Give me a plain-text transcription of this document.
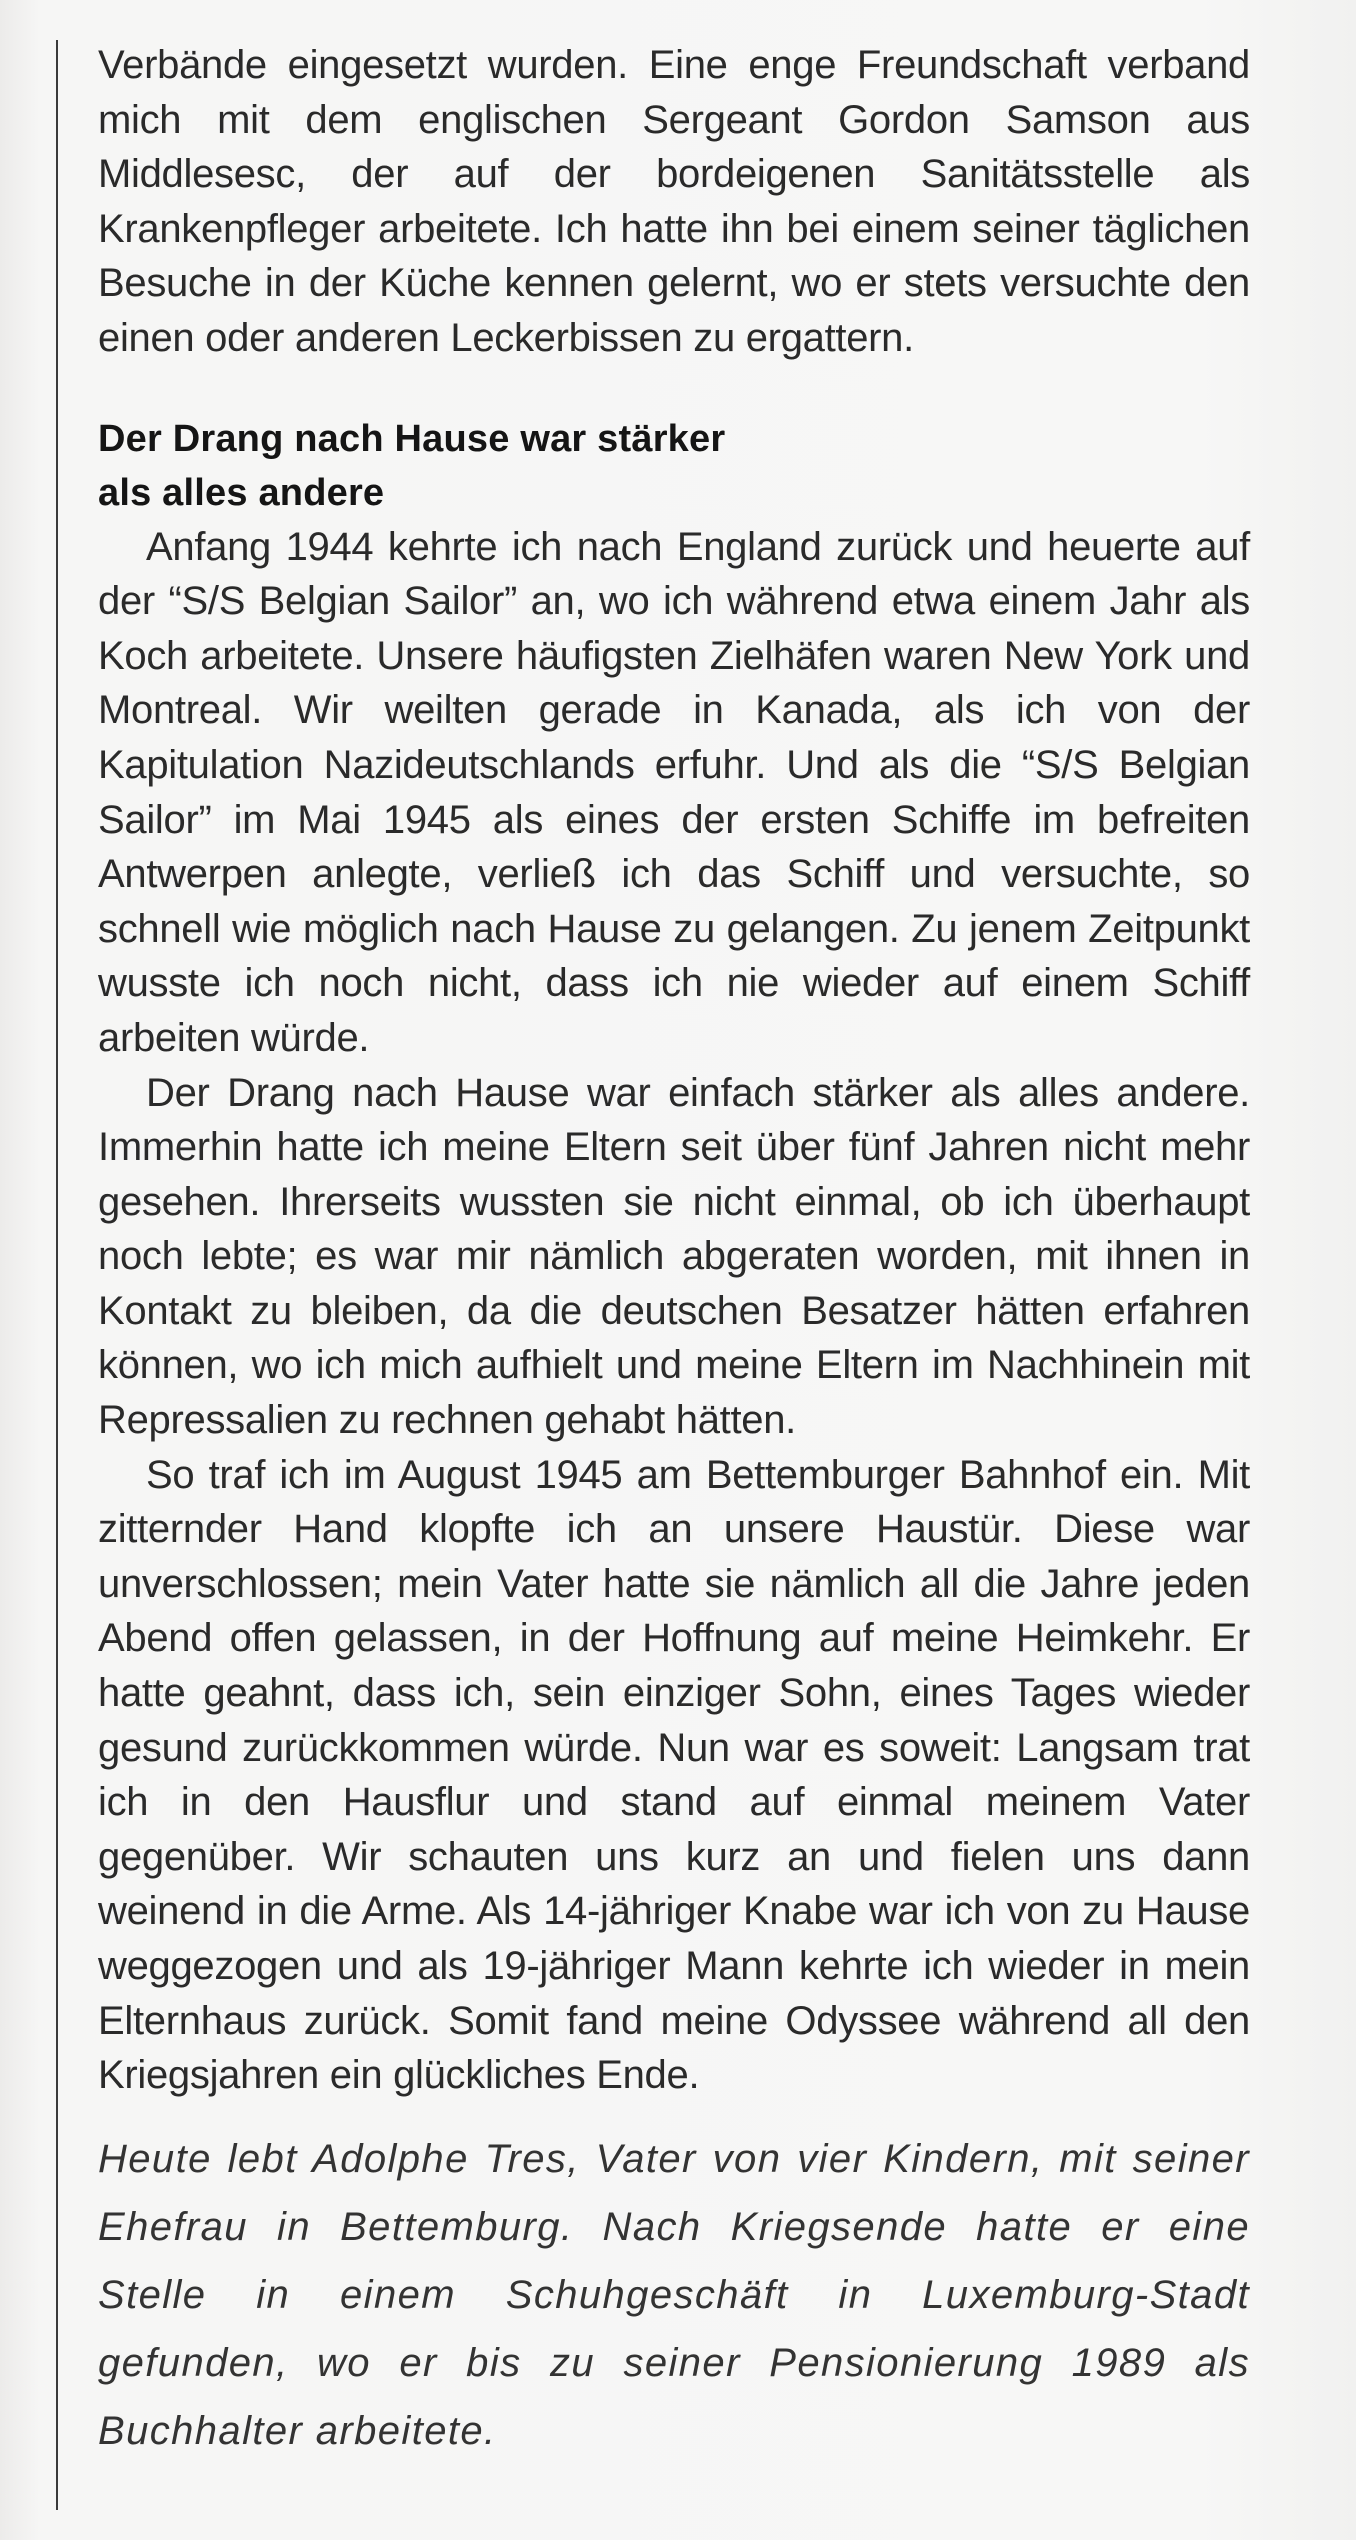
Verbände eingesetzt wurden. Eine enge Freundschaft verband mich mit dem englischen Sergeant Gordon Samson aus Middlesesc, der auf der bordeigenen Sanitätsstelle als Krankenpfleger arbeitete. Ich hatte ihn bei einem seiner täglichen Besuche in der Küche kennen gelernt, wo er stets versuchte den einen oder anderen Leckerbissen zu ergattern.

Der Drang nach Hause war stärker
als alles andere

Anfang 1944 kehrte ich nach England zurück und heuerte auf der “S/S Belgian Sailor” an, wo ich während etwa einem Jahr als Koch arbeitete. Unsere häufigsten Zielhäfen waren New York und Montreal. Wir weilten gerade in Kanada, als ich von der Kapitulation Nazideutschlands erfuhr. Und als die “S/S Belgian Sailor” im Mai 1945 als eines der ersten Schiffe im befreiten Antwerpen anlegte, verließ ich das Schiff und versuchte, so schnell wie möglich nach Hause zu gelangen. Zu jenem Zeitpunkt wusste ich noch nicht, dass ich nie wieder auf einem Schiff arbeiten würde.

Der Drang nach Hause war einfach stärker als alles andere. Immerhin hatte ich meine Eltern seit über fünf Jahren nicht mehr gesehen. Ihrerseits wussten sie nicht einmal, ob ich überhaupt noch lebte; es war mir nämlich abgeraten worden, mit ihnen in Kontakt zu bleiben, da die deutschen Besatzer hätten erfahren können, wo ich mich aufhielt und meine Eltern im Nachhinein mit Repressalien zu rechnen gehabt hätten.

So traf ich im August 1945 am Bettemburger Bahnhof ein. Mit zitternder Hand klopfte ich an unsere Haustür. Diese war unverschlossen; mein Vater hatte sie nämlich all die Jahre jeden Abend offen gelassen, in der Hoffnung auf meine Heimkehr. Er hatte geahnt, dass ich, sein einziger Sohn, eines Tages wieder gesund zurückkommen würde. Nun war es soweit: Langsam trat ich in den Hausflur und stand auf einmal meinem Vater gegenüber. Wir schauten uns kurz an und fielen uns dann weinend in die Arme. Als 14-jähriger Knabe war ich von zu Hause weggezogen und als 19-jähriger Mann kehrte ich wieder in mein Elternhaus zurück. Somit fand meine Odyssee während all den Kriegsjahren ein glückliches Ende.

Heute lebt Adolphe Tres, Vater von vier Kindern, mit seiner Ehefrau in Bettemburg. Nach Kriegsende hatte er eine Stelle in einem Schuhgeschäft in Luxemburg-Stadt gefunden, wo er bis zu seiner Pensionierung 1989 als Buchhalter arbeitete.
